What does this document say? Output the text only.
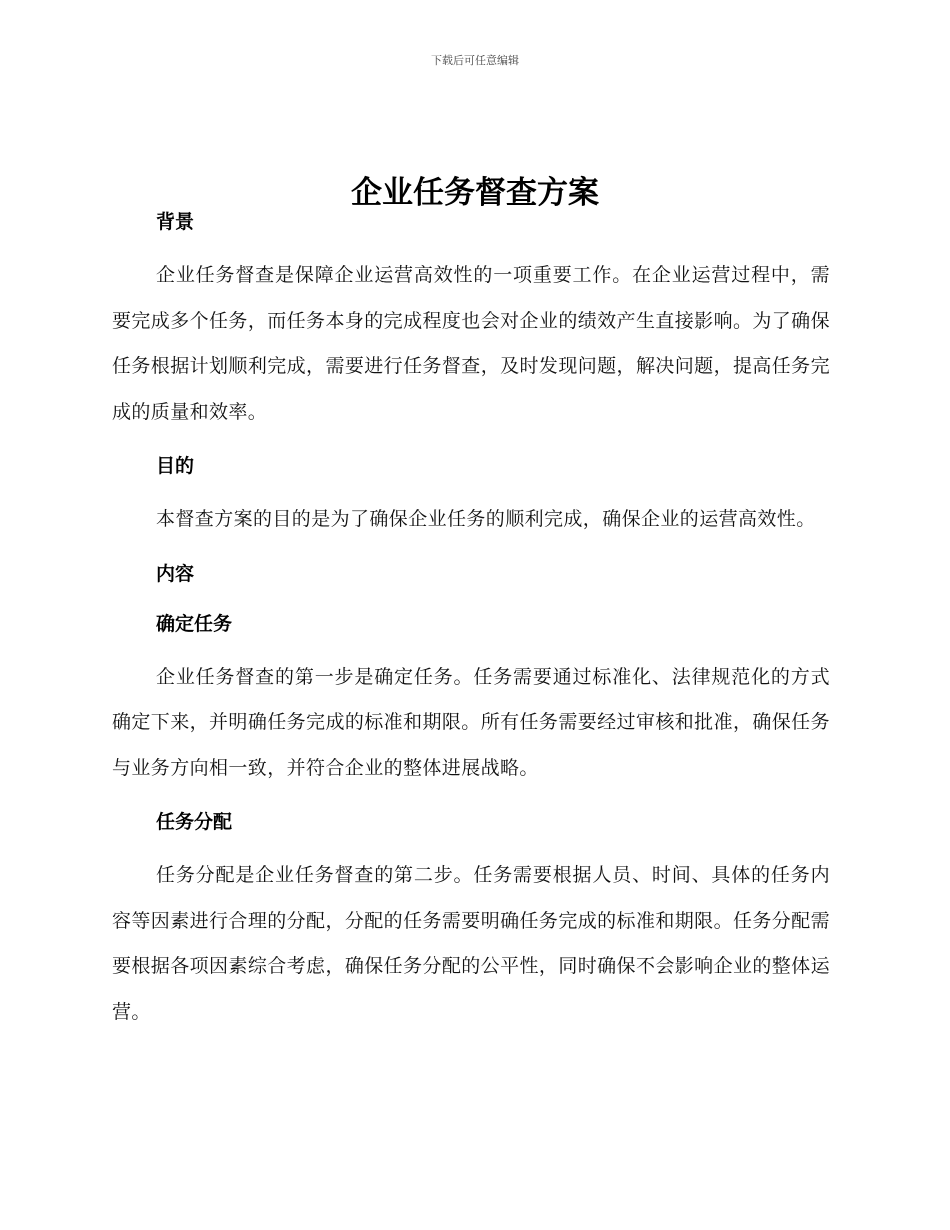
下载后可任意编辑
企业任务督查方案
背景

企业任务督查是保障企业运营高效性的一项重要工作。在企业运营过程中，需要完成多个任务，而任务本身的完成程度也会对企业的绩效产生直接影响。为了确保任务根据计划顺利完成，需要进行任务督查，及时发现问题，解决问题，提高任务完成的质量和效率。

目的

本督查方案的目的是为了确保企业任务的顺利完成，确保企业的运营高效性。

内容
确定任务

企业任务督查的第一步是确定任务。任务需要通过标准化、法律规范化的方式确定下来，并明确任务完成的标准和期限。所有任务需要经过审核和批准，确保任务与业务方向相一致，并符合企业的整体进展战略。

任务分配

任务分配是企业任务督查的第二步。任务需要根据人员、时间、具体的任务内容等因素进行合理的分配，分配的任务需要明确任务完成的标准和期限。任务分配需要根据各项因素综合考虑，确保任务分配的公平性，同时确保不会影响企业的整体运营。
